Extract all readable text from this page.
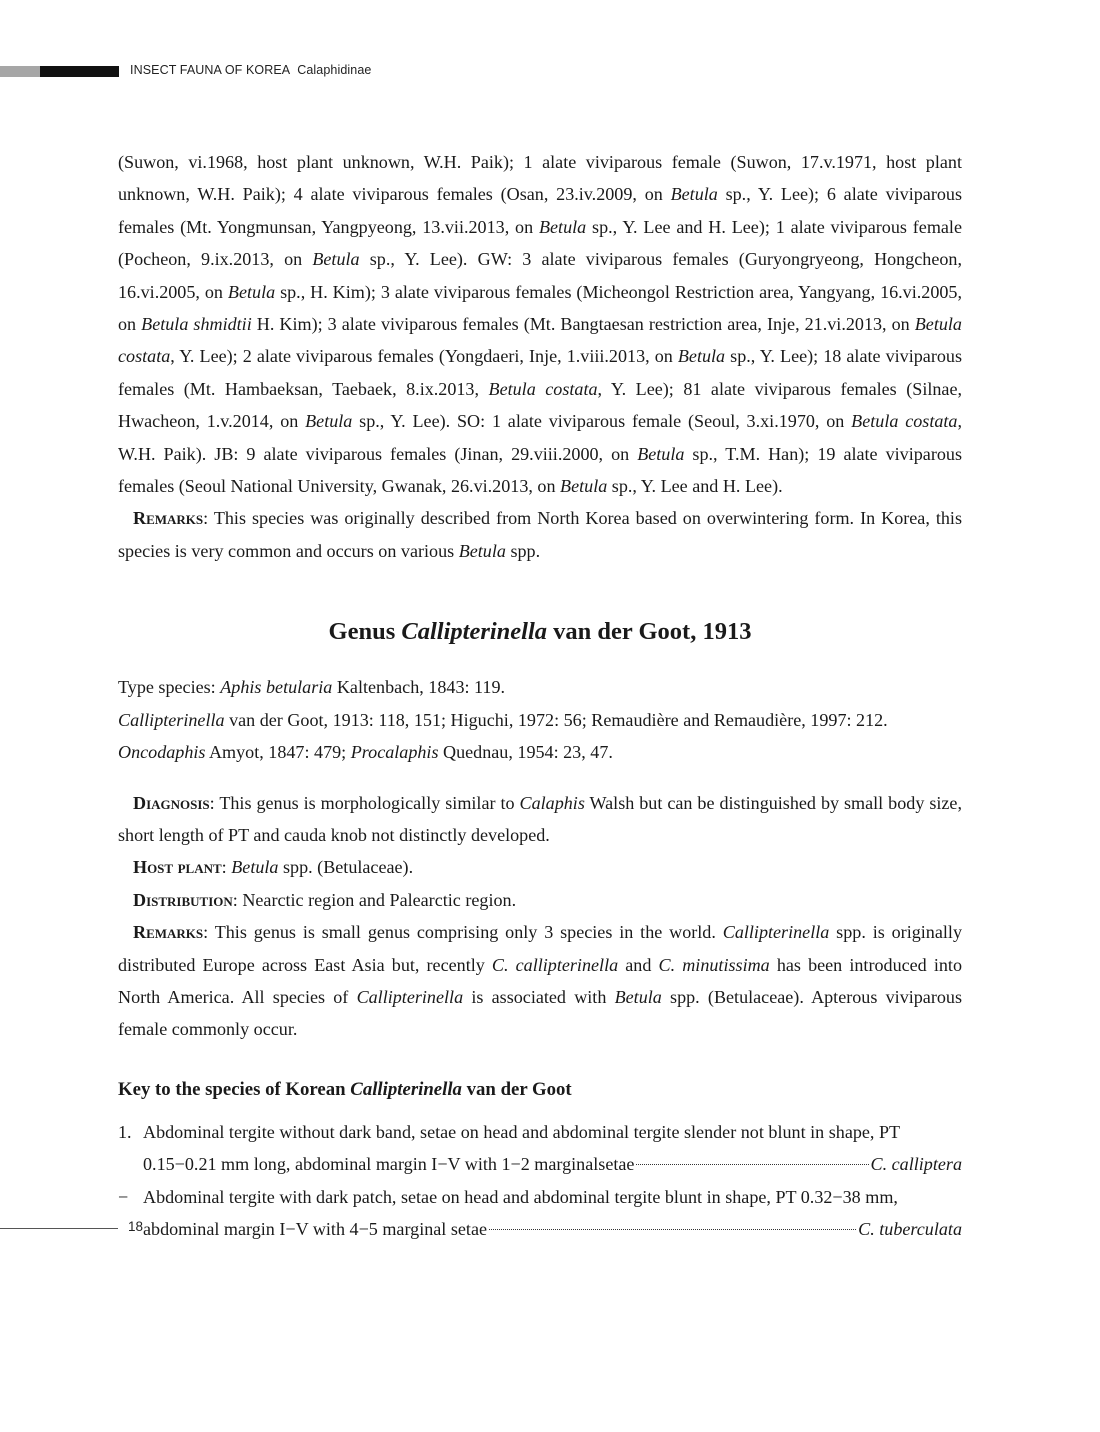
INSECT FAUNA OF KOREA Calaphidinae

(Suwon, vi.1968, host plant unknown, W.H. Paik); 1 alate viviparous female (Suwon, 17.v.1971, host plant unknown, W.H. Paik); 4 alate viviparous females (Osan, 23.iv.2009, on Betula sp., Y. Lee); 6 alate viviparous females (Mt. Yongmunsan, Yangpyeong, 13.vii.2013, on Betula sp., Y. Lee and H. Lee); 1 alate viviparous female (Pocheon, 9.ix.2013, on Betula sp., Y. Lee). GW: 3 alate viviparous females (Guryongryeong, Hongcheon, 16.vi.2005, on Betula sp., H. Kim); 3 alate viviparous females (Micheongol Restriction area, Yangyang, 16.vi.2005, on Betula shmidtii H. Kim); 3 alate viviparous females (Mt. Bangtaesan restriction area, Inje, 21.vi.2013, on Betula costata, Y. Lee); 2 alate viviparous females (Yongdaeri, Inje, 1.viii.2013, on Betula sp., Y. Lee); 18 alate viviparous females (Mt. Hambaeksan, Taebaek, 8.ix.2013, Betula costata, Y. Lee); 81 alate viviparous females (Silnae, Hwacheon, 1.v.2014, on Betula sp., Y. Lee). SO: 1 alate viviparous female (Seoul, 3.xi.1970, on Betula costata, W.H. Paik). JB: 9 alate viviparous females (Jinan, 29.viii.2000, on Betula sp., T.M. Han); 19 alate viviparous females (Seoul National University, Gwanak, 26.vi.2013, on Betula sp., Y. Lee and H. Lee).

Remarks: This species was originally described from North Korea based on overwintering form. In Korea, this species is very common and occurs on various Betula spp.

Genus Callipterinella van der Goot, 1913

Type species: Aphis betularia Kaltenbach, 1843: 119.

Callipterinella van der Goot, 1913: 118, 151; Higuchi, 1972: 56; Remaudière and Remaudière, 1997: 212.

Oncodaphis Amyot, 1847: 479; Procalaphis Quednau, 1954: 23, 47.

Diagnosis: This genus is morphologically similar to Calaphis Walsh but can be distinguished by small body size, short length of PT and cauda knob not distinctly developed.

Host plant: Betula spp. (Betulaceae).

Distribution: Nearctic region and Palearctic region.

Remarks: This genus is small genus comprising only 3 species in the world. Callipterinella spp. is originally distributed Europe across East Asia but, recently C. callipterinella and C. minutissima has been introduced into North America. All species of Callipterinella is associated with Betula spp. (Betulaceae). Apterous viviparous female commonly occur.

Key to the species of Korean Callipterinella van der Goot
1. Abdominal tergite without dark band, setae on head and abdominal tergite slender not blunt in shape, PT
0.15−0.21 mm long, abdominal margin I−V with 1−2 marginalsetae	C. calliptera
− Abdominal tergite with dark patch, setae on head and abdominal tergite blunt in shape, PT 0.32−38 mm,
abdominal margin I−V with 4−5 marginal setae	C. tuberculata
18
